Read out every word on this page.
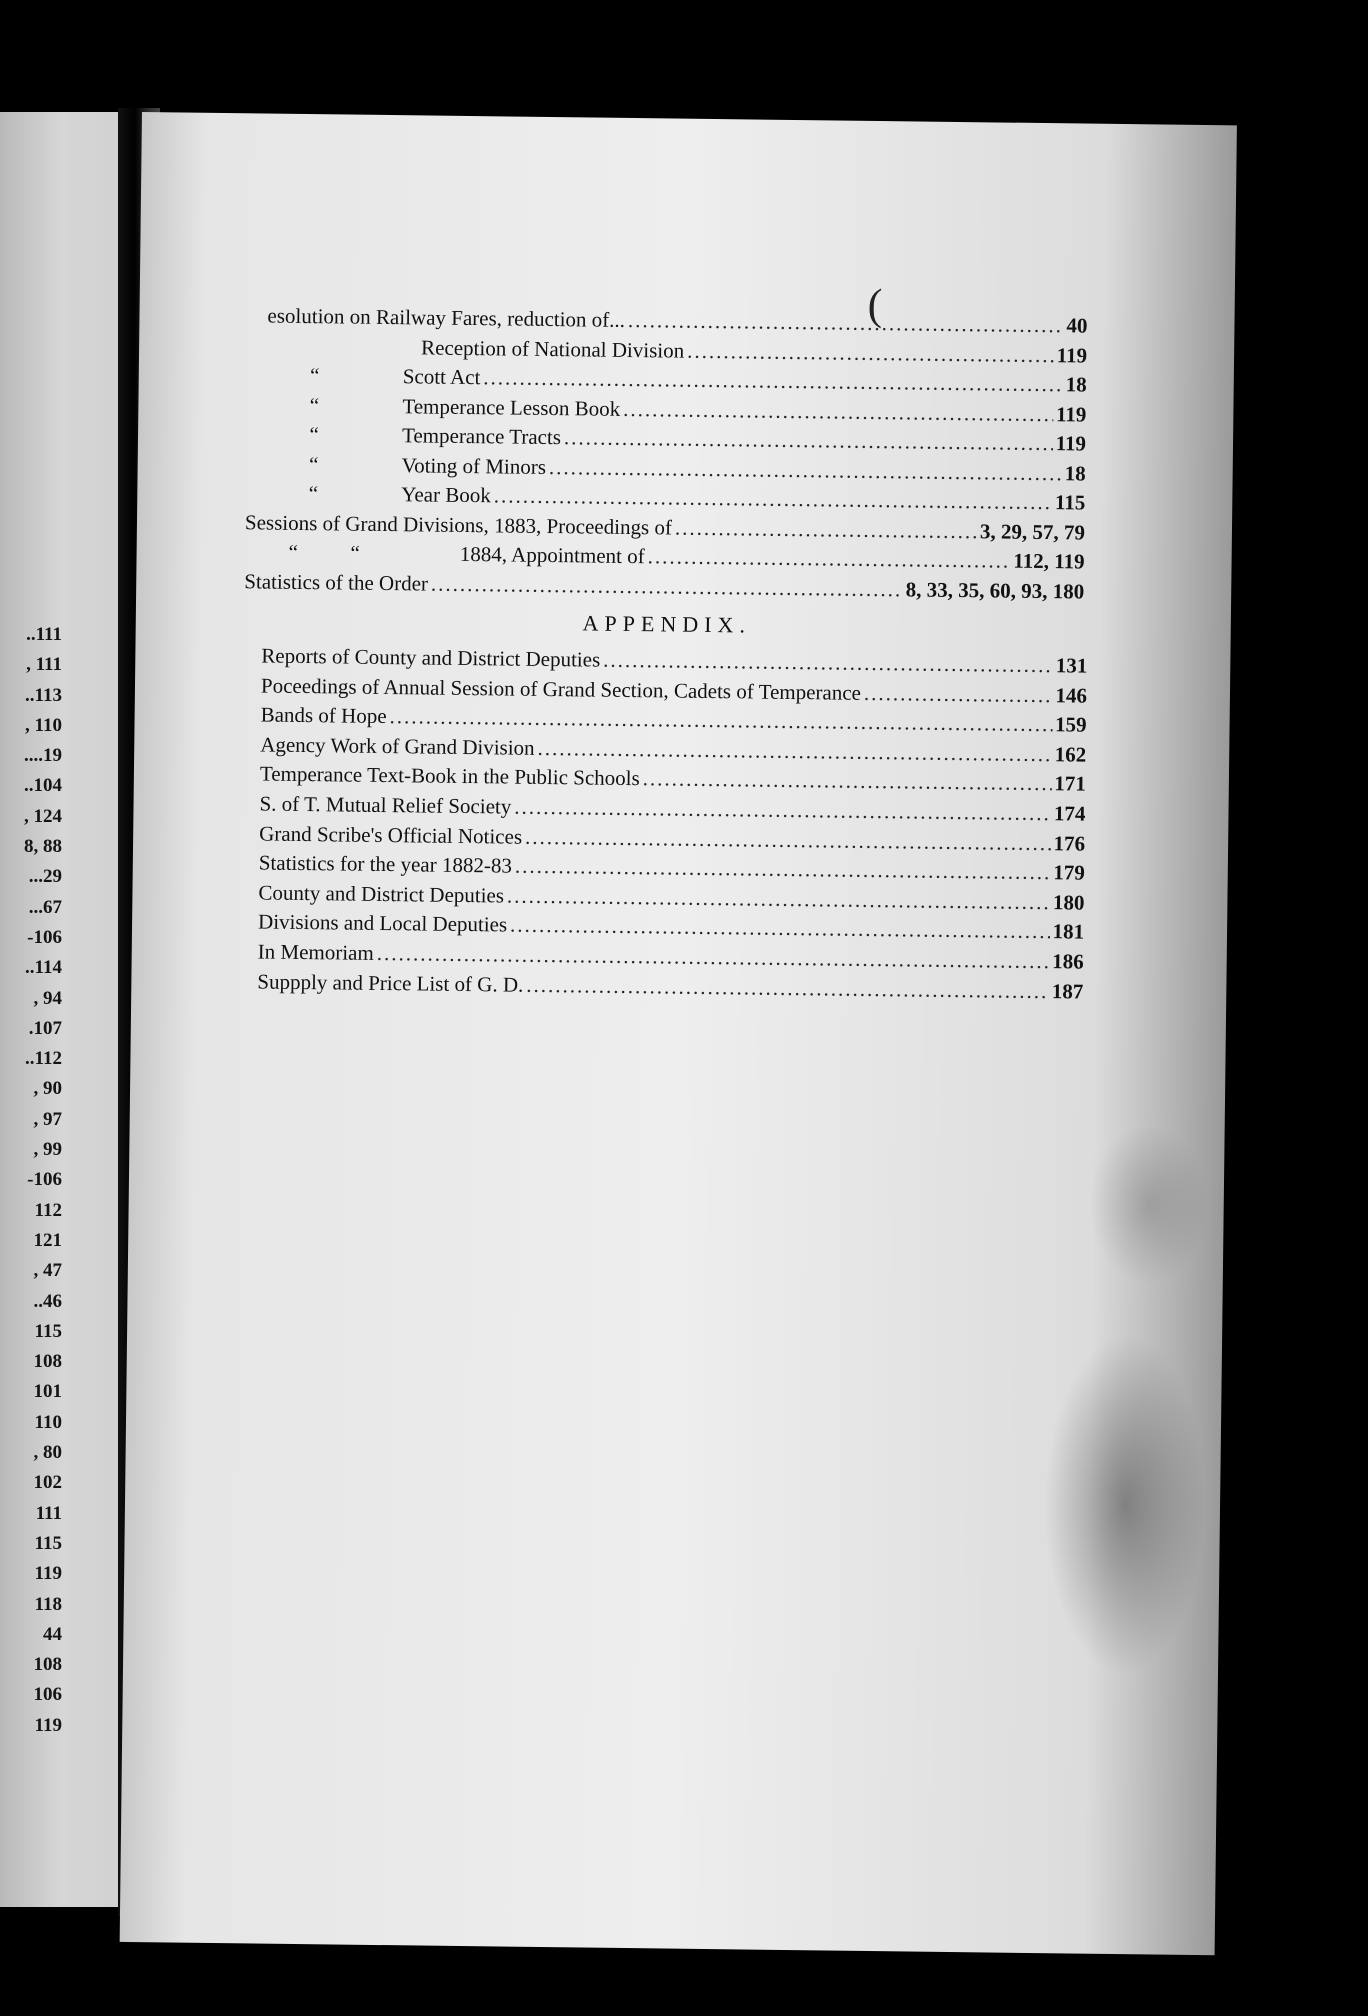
..111
, 111
..113
, 110
....19
..104
, 124
8, 88
...29
...67
-106
..114
, 94
.107
..112
, 90
, 97
, 99
-106
112
121
, 47
..46
115
108
101
110
, 80
102
111
115
119
118
44
108
106
119
(
esolution on Railway Fares, reduction of... .....	40
Reception of National Division .....	119
“	Scott Act .....	18
“	Temperance Lesson Book .....	119
“	Temperance Tracts .....	119
“	Voting of Minors .....	18
“	Year Book .....	115
Sessions of Grand Divisions, 1883, Proceedings of .....	3, 29, 57, 79
“          “	1884, Appointment of .....	112, 119
Statistics of the Order .....	8, 33, 35, 60, 93, 180
APPENDIX.
Reports of County and District Deputies .....	131
Poceedings of Annual Session of Grand Section, Cadets of Temperance .....	146
Bands of Hope .....	159
Agency Work of Grand Division .....	162
Temperance Text-Book in the Public Schools .....	171
S. of T. Mutual Relief Society .....	174
Grand Scribe's Official Notices .....	176
Statistics for the year 1882-83 .....	179
County and District Deputies .....	180
Divisions and Local Deputies .....	181
In Memoriam .....	186
Suppply and Price List of G. D. .....	187
